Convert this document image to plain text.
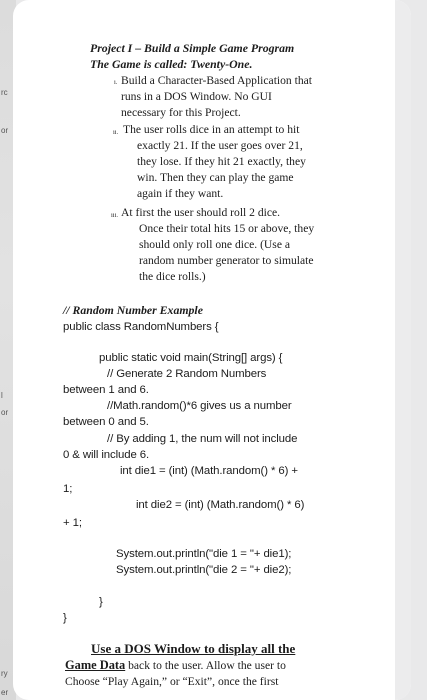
rc
or
l
or
ry
er
Project I – Build a Simple Game Program
The Game is called: Twenty-One.
i. Build a Character-Based Application that
runs in a DOS Window. No GUI
necessary for this Project.
ii. The user rolls dice in an attempt to hit
exactly 21. If the user goes over 21,
they lose. If they hit 21 exactly, they
win. Then they can play the game
again if they want.
iii. At first the user should roll 2 dice.
Once their total hits 15 or above, they
should only roll one dice. (Use a
random number generator to simulate
the dice rolls.)
// Random Number Example
public class RandomNumbers {
public static void main(String[] args) {
// Generate 2 Random Numbers
between 1 and 6.
//Math.random()*6 gives us a number
between 0 and 5.
// By adding 1, the num will not include
0 & will include 6.
int die1 = (int) (Math.random() * 6) +
1;
int die2 = (int) (Math.random() * 6)
+ 1;
System.out.println("die 1 = "+ die1);
System.out.println("die 2 = "+ die2);
}
}
Use a DOS Window to display all the
Game Data back to the user. Allow the user to
Choose “Play Again,” or “Exit”, once the first
